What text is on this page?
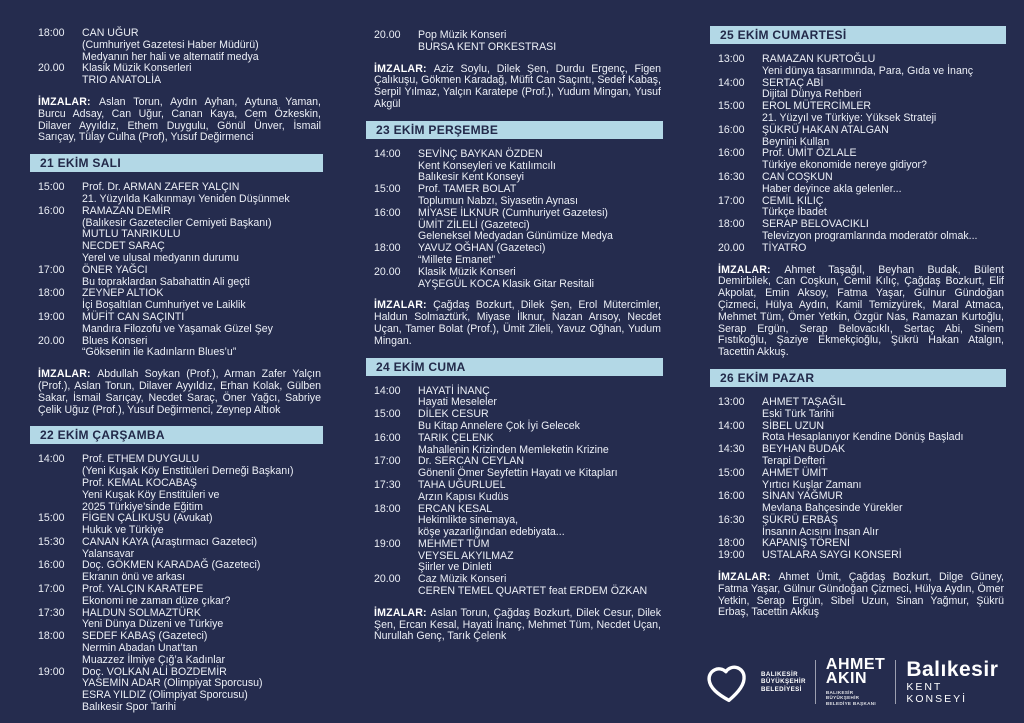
18:00	CAN UĞUR
(Cumhuriyet Gazetesi Haber Müdürü)
Medyanın her hali ve alternatif medya
20.00	Klasik Müzik Konserleri
TRIO ANATOLİA
İMZALAR: Aslan Torun, Aydın Ayhan, Aytuna Yaman, Burcu Adsay, Can Uğur, Canan Kaya, Cem Özkeskin, Dilaver Ayyıldız, Ethem Duygulu, Gönül Ünver, İsmail Sarıçay, Tülay Culha (Prof), Yusuf Değirmenci
21 EKİM SALI
15:00	Prof. Dr. ARMAN ZAFER YALÇIN
21. Yüzyılda Kalkınmayı Yeniden Düşünmek
16:00	RAMAZAN DEMİR
(Balıkesir Gazeteciler Cemiyeti Başkanı)
MUTLU TANRIKULU
NECDET SARAÇ
Yerel ve ulusal medyanın durumu
17:00	ÖNER YAĞCI
Bu topraklardan Sabahattin Ali geçti
18:00	ZEYNEP ALTIOK
İçi Boşaltılan Cumhuriyet ve Laiklik
19:00	MÜFİT CAN SAÇINTI
Mandıra Filozofu ve Yaşamak Güzel Şey
20.00	Blues Konseri
“Göksenin ile Kadınların Blues’u”
İMZALAR: Abdullah Soykan (Prof.), Arman Zafer Yalçın (Prof.), Aslan Torun, Dilaver Ayyıldız, Erhan Kolak, Gülben Sakar, İsmail Sarıçay, Necdet Saraç, Öner Yağcı, Sabriye Çelik Uğuz (Prof.), Yusuf Değirmenci, Zeynep Altıok
22 EKİM ÇARŞAMBA
14:00	Prof. ETHEM DUYGULU
(Yeni Kuşak Köy Enstitüleri Derneği Başkanı)
Prof. KEMAL KOCABAŞ
Yeni Kuşak Köy Enstitüleri ve
2025 Türkiye’sinde Eğitim
15:00	FİGEN ÇALIKUŞU (Avukat)
Hukuk ve Türkiye
15:30	CANAN KAYA (Araştırmacı Gazeteci)
Yalansavar
16:00	Doç. GÖKMEN KARADAĞ (Gazeteci)
Ekranın önü ve arkası
17:00	Prof. YALÇIN KARATEPE
Ekonomi ne zaman düze çıkar?
17:30	HALDUN SOLMAZTÜRK
Yeni Dünya Düzeni ve Türkiye
18:00	SEDEF KABAŞ (Gazeteci)
Nermin Abadan Unat’tan
Muazzez İlmiye Çığ’a Kadınlar
19:00	Doç. VOLKAN ALİ BOZDEMİR
YASEMİN ADAR (Olimpiyat Sporcusu)
ESRA YILDIZ (Olimpiyat Sporcusu)
Balıkesir Spor Tarihi
20.00	Pop Müzik Konseri
BURSA KENT ORKESTRASI
İMZALAR: Aziz Soylu, Dilek Şen, Durdu Ergenç, Figen Çalıkuşu, Gökmen Karadağ, Müfit Can Saçıntı, Sedef Kabaş, Serpil Yılmaz, Yalçın Karatepe (Prof.), Yudum Mingan, Yusuf Akgül
23 EKİM PERŞEMBE
14:00	SEVİNÇ BAYKAN ÖZDEN
Kent Konseyleri ve Katılımcılı
Balıkesir Kent Konseyi
15:00	Prof. TAMER BOLAT
Toplumun Nabzı, Siyasetin Aynası
16:00	MİYASE İLKNUR (Cumhuriyet Gazetesi)
ÜMİT ZİLELİ (Gazeteci)
Geleneksel Medyadan Günümüze Medya
18:00	YAVUZ OĞHAN (Gazeteci)
“Millete Emanet”
20.00	Klasik Müzik Konseri
AYŞEGÜL KOCA Klasik Gitar Resitali
İMZALAR: Çağdaş Bozkurt, Dilek Şen, Erol Mütercimler, Haldun Solmaztürk, Miyase İlknur, Nazan Arısoy, Necdet Uçan, Tamer Bolat (Prof.), Ümit Zileli, Yavuz Oğhan, Yudum Mingan.
24 EKİM CUMA
14:00	HAYATİ İNANÇ
Hayati Meseleler
15:00	DİLEK CESUR
Bu Kitap Annelere Çok İyi Gelecek
16:00	TARIK ÇELENK
Mahallenin Krizinden Memleketin Krizine
17:00	Dr. SERCAN CEYLAN
Gönenli Ömer Seyfettin Hayatı ve Kitapları
17:30	TAHA UĞURLUEL
Arzın Kapısı Kudüs
18:00	ERCAN KESAL
Hekimlikte sinemaya,
köşe yazarlığından edebiyata...
19:00	MEHMET TÜM
VEYSEL AKYILMAZ
Şiirler ve Dinleti
20.00	Caz Müzik Konseri
CEREN TEMEL QUARTET feat ERDEM ÖZKAN
İMZALAR: Aslan Torun, Çağdaş Bozkurt, Dilek Cesur, Dilek Şen, Ercan Kesal, Hayati İnanç, Mehmet Tüm, Necdet Uçan, Nurullah Genç, Tarık Çelenk
25 EKİM CUMARTESİ
13:00	RAMAZAN KURTOĞLU
Yeni dünya tasarımında, Para, Gıda ve İnanç
14:00	SERTAÇ ABİ
Dijital Dünya Rehberi
15:00	EROL MÜTERCİMLER
21. Yüzyıl ve Türkiye: Yüksek Strateji
16:00	ŞÜKRÜ HAKAN ATALGAN
Beynini Kullan
16:00	Prof. ÜMİT ÖZLALE
Türkiye ekonomide nereye gidiyor?
16:30	CAN COŞKUN
Haber deyince akla gelenler...
17:00	CEMİL KILIÇ
Türkçe İbadet
18:00	SERAP BELOVACIKLI
Televizyon programlarında moderatör olmak...
20.00	TİYATRO
İMZALAR: Ahmet Taşağıl, Beyhan Budak, Bülent Demirbilek, Can Coşkun, Cemil Kılıç, Çağdaş Bozkurt, Elif Akpolat, Emin Aksoy, Fatma Yaşar, Gülnur Gündoğan Çizmeci, Hülya Aydın, Kamil Temizyürek, Maral Atmaca, Mehmet Tüm, Ömer Yetkin, Özgür Nas, Ramazan Kurtoğlu, Serap Ergün, Serap Belovacıklı, Sertaç Abi, Sinem Fıstıkoğlu, Şaziye Ekmekçioğlu, Şükrü Hakan Atalgın, Tacettin Akkuş.
26 EKİM PAZAR
13:00	AHMET TAŞAĞIL
Eski Türk Tarihi
14:00	SİBEL UZUN
Rota Hesaplanıyor Kendine Dönüş Başladı
14:30	BEYHAN BUDAK
Terapi Defteri
15:00	AHMET ÜMİT
Yırtıcı Kuşlar Zamanı
16:00	SİNAN YAĞMUR
Mevlana Bahçesinde Yürekler
16:30	ŞÜKRÜ ERBAŞ
İnsanın Acısını İnsan Alır
18:00	KAPANIŞ TÖRENİ
19:00	USTALARA SAYGI KONSERİ
İMZALAR: Ahmet Ümit, Çağdaş Bozkurt, Dilge Güney, Fatma Yaşar, Gülnur Gündoğan Çizmeci, Hülya Aydın, Ömer Yetkin, Serap Ergün, Sibel Uzun, Sinan Yağmur, Şükrü Erbaş, Tacettin Akkuş
BALIKESİR
BÜYÜKŞEHİR
BELEDİYESİ
AHMET
AKIN
BALIKESİR BÜYÜKŞEHİR
BELEDİYE BAŞKANI
Balıkesir
KENT KONSEYİ
